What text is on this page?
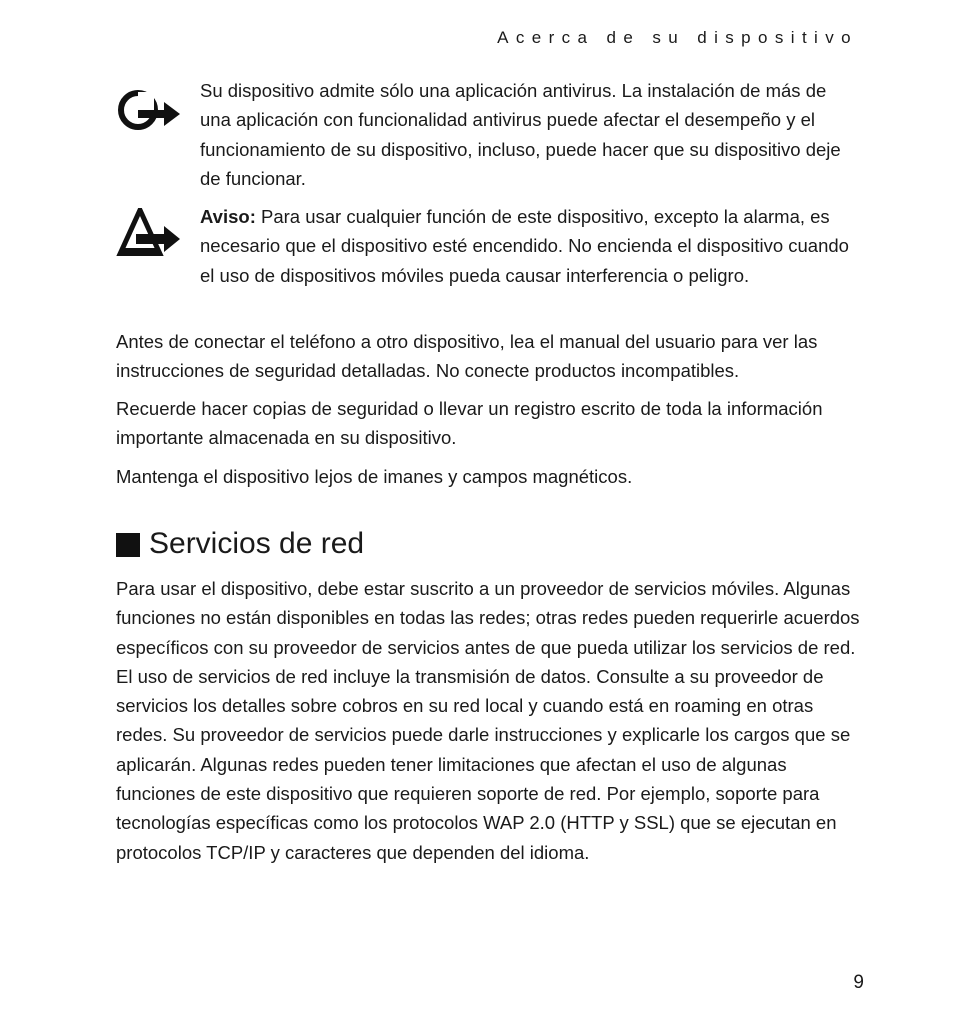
Acerca de su dispositivo

Su dispositivo admite sólo una aplicación antivirus. La instalación de más de una aplicación con funcionalidad antivirus puede afectar el desempeño y el funcionamiento de su dispositivo, incluso, puede hacer que su dispositivo deje de funcionar.

Aviso: Para usar cualquier función de este dispositivo, excepto la alarma, es necesario que el dispositivo esté encendido. No encienda el dispositivo cuando el uso de dispositivos móviles pueda causar interferencia o peligro.

Antes de conectar el teléfono a otro dispositivo, lea el manual del usuario para ver las instrucciones de seguridad detalladas. No conecte productos incompatibles.

Recuerde hacer copias de seguridad o llevar un registro escrito de toda la información importante almacenada en su dispositivo.

Mantenga el dispositivo lejos de imanes y campos magnéticos.

Servicios de red

Para usar el dispositivo, debe estar suscrito a un proveedor de servicios móviles. Algunas funciones no están disponibles en todas las redes; otras redes pueden requerirle acuerdos específicos con su proveedor de servicios antes de que pueda utilizar los servicios de red. El uso de servicios de red incluye la transmisión de datos. Consulte a su proveedor de servicios los detalles sobre cobros en su red local y cuando está en roaming en otras redes. Su proveedor de servicios puede darle instrucciones y explicarle los cargos que se aplicarán. Algunas redes pueden tener limitaciones que afectan el uso de algunas funciones de este dispositivo que requieren soporte de red. Por ejemplo, soporte para tecnologías específicas como los protocolos WAP 2.0 (HTTP y SSL) que se ejecutan en protocolos TCP/IP y caracteres que dependen del idioma.

9
